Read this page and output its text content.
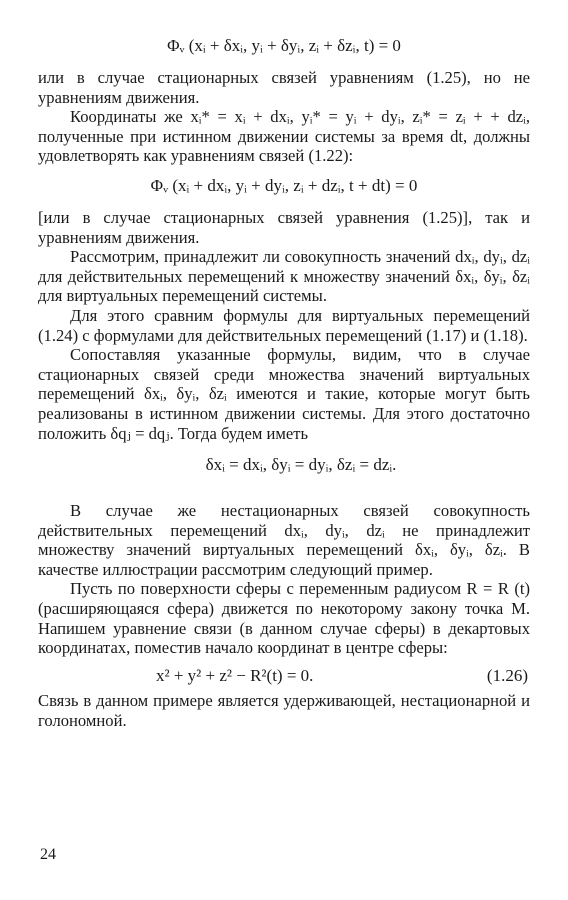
Φᵥ (xᵢ + δxᵢ, yᵢ + δyᵢ, zᵢ + δzᵢ, t) = 0

или в случае стационарных связей уравнениям (1.25), но не уравнениям движения.

Координаты же xᵢ* = xᵢ + dxᵢ, yᵢ* = yᵢ + dyᵢ, zᵢ* = zᵢ + + dzᵢ, полученные при истинном движении системы за время dt, должны удовлетворять как уравнениям связей (1.22):

Φᵥ (xᵢ + dxᵢ, yᵢ + dyᵢ, zᵢ + dzᵢ, t + dt) = 0

[или в случае стационарных связей уравнения (1.25)], так и уравнениям движения.

Рассмотрим, принадлежит ли совокупность значений dxᵢ, dyᵢ, dzᵢ для действительных перемещений к множеству значений δxᵢ, δyᵢ, δzᵢ для виртуальных перемещений системы.

Для этого сравним формулы для виртуальных перемещений (1.24) с формулами для действительных перемещений (1.17) и (1.18).

Сопоставляя указанные формулы, видим, что в случае стационарных связей среди множества значений виртуальных перемещений δxᵢ, δyᵢ, δzᵢ имеются и такие, которые могут быть реализованы в истинном движении системы. Для этого достаточно положить δqⱼ = dqⱼ. Тогда будем иметь

δxᵢ = dxᵢ, δyᵢ = dyᵢ, δzᵢ = dzᵢ.

В случае же нестационарных связей совокупность действительных перемещений dxᵢ, dyᵢ, dzᵢ не принадлежит множеству значений виртуальных перемещений δxᵢ, δyᵢ, δzᵢ. В качестве иллюстрации рассмотрим следующий пример.

Пусть по поверхности сферы с переменным радиусом R = R (t) (расширяющаяся сфера) движется по некоторому закону точка M. Напишем уравнение связи (в данном случае сферы) в декартовых координатах, поместив начало координат в центре сферы:

x² + y² + z² − R²(t) = 0.	(1.26)

Связь в данном примере является удерживающей, нестационарной и голономной.

24
